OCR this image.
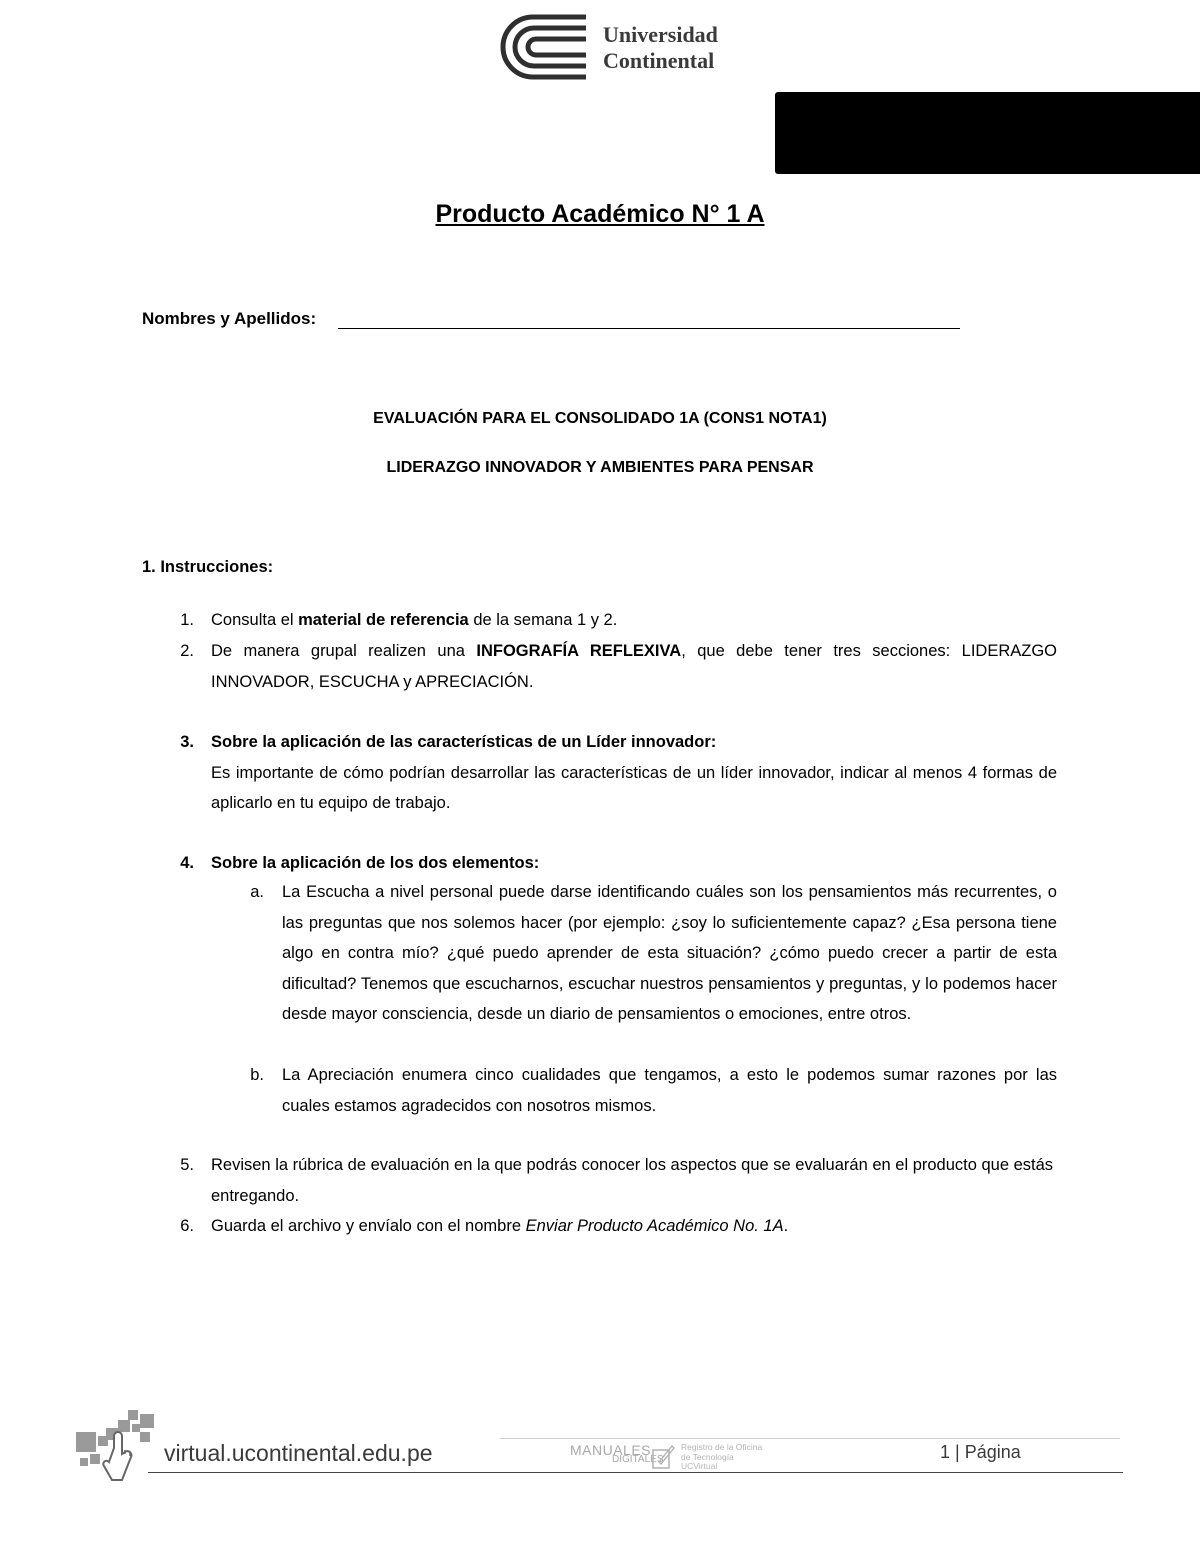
Universidad
Continental
Producto Académico N° 1 A
Nombres y Apellidos:
EVALUACIÓN PARA EL CONSOLIDADO 1A (CONS1 NOTA1)
LIDERAZGO INNOVADOR Y AMBIENTES PARA PENSAR
1. Instrucciones:
1. Consulta el material de referencia de la semana 1 y 2.
2. De manera grupal realizen una INFOGRAFÍA REFLEXIVA, que debe tener tres secciones: LIDERAZGO INNOVADOR, ESCUCHA y APRECIACIÓN.
3. Sobre la aplicación de las características de un Líder innovador:
Es importante de cómo podrían desarrollar las características de un líder innovador, indicar al menos 4 formas de aplicarlo en tu equipo de trabajo.
4. Sobre la aplicación de los dos elementos:
a. La Escucha a nivel personal puede darse identificando cuáles son los pensamientos más recurrentes, o las preguntas que nos solemos hacer (por ejemplo: ¿soy lo suficientemente capaz? ¿Esa persona tiene algo en contra mío? ¿qué puedo aprender de esta situación? ¿cómo puedo crecer a partir de esta dificultad? Tenemos que escucharnos, escuchar nuestros pensamientos y preguntas, y lo podemos hacer desde mayor consciencia, desde un diario de pensamientos o emociones, entre otros.
b. La Apreciación enumera cinco cualidades que tengamos, a esto le podemos sumar razones por las cuales estamos agradecidos con nosotros mismos.
5. Revisen la rúbrica de evaluación en la que podrás conocer los aspectos que se evaluarán en el producto que estás entregando.
6. Guarda el archivo y envíalo con el nombre Enviar Producto Académico No. 1A.
virtual.ucontinental.edu.pe	MANUALES
DIGITALES
Registro de la Oficina de Tecnología UCVirtual
1 | Página
